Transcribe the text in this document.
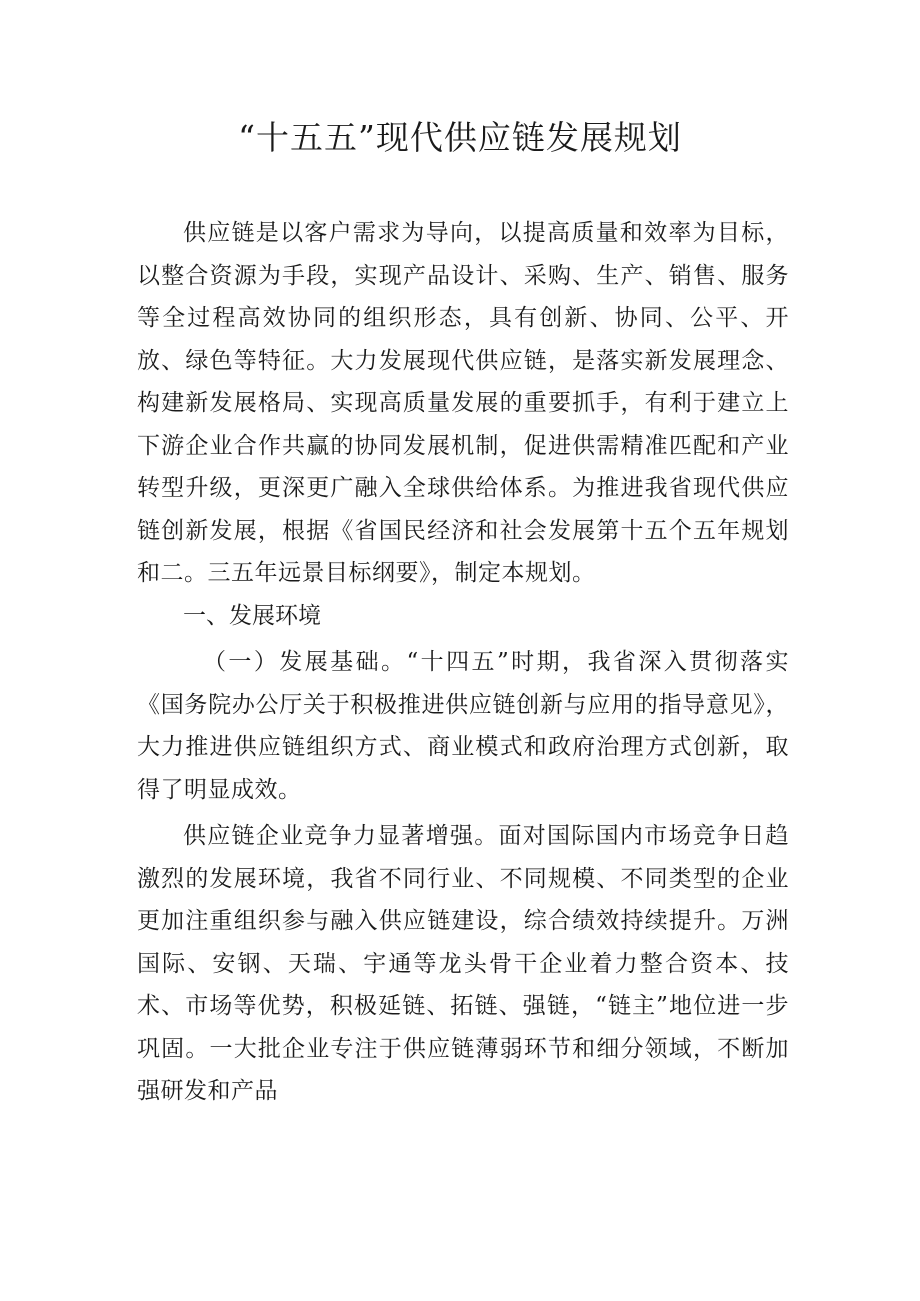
“十五五”现代供应链发展规划

供应链是以客户需求为导向，以提高质量和效率为目标，以整合资源为手段，实现产品设计、采购、生产、销售、服务等全过程高效协同的组织形态，具有创新、协同、公平、开放、绿色等特征。大力发展现代供应链，是落实新发展理念、构建新发展格局、实现高质量发展的重要抓手，有利于建立上下游企业合作共赢的协同发展机制，促进供需精准匹配和产业转型升级，更深更广融入全球供给体系。为推进我省现代供应链创新发展，根据《省国民经济和社会发展第十五个五年规划和二。三五年远景目标纲要》，制定本规划。

一、发展环境

（一）发展基础。“十四五”时期，我省深入贯彻落实《国务院办公厅关于积极推进供应链创新与应用的指导意见》，大力推进供应链组织方式、商业模式和政府治理方式创新，取得了明显成效。

供应链企业竞争力显著增强。面对国际国内市场竞争日趋激烈的发展环境，我省不同行业、不同规模、不同类型的企业更加注重组织参与融入供应链建设，综合绩效持续提升。万洲国际、安钢、天瑞、宇通等龙头骨干企业着力整合资本、技术、市场等优势，积极延链、拓链、强链，“链主”地位进一步巩固。一大批企业专注于供应链薄弱环节和细分领域，不断加强研发和产品
